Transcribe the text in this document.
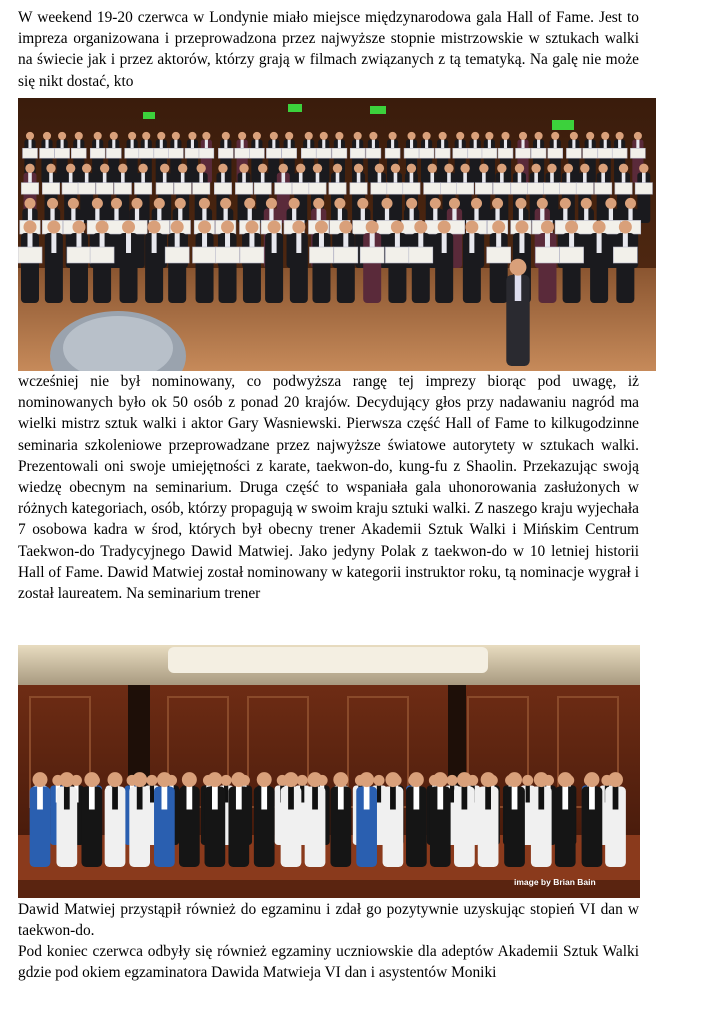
W weekend 19-20 czerwca w Londynie miało miejsce międzynarodowa gala Hall of Fame. Jest to impreza organizowana i przeprowadzona przez najwyższe stopnie mistrzowskie w sztukach walki na świecie jak i przez aktorów, którzy grają w filmach związanych z tą tematyką. Na galę nie może się nikt dostać, kto

wcześniej nie był nominowany, co podwyższa rangę tej imprezy biorąc pod uwagę, iż nominowanych było ok 50 osób z ponad 20 krajów. Decydujący głos przy nadawaniu nagród ma wielki mistrz sztuk walki i aktor Gary Wasniewski. Pierwsza część Hall of Fame to kilkugodzinne seminaria szkoleniowe przeprowadzane przez najwyższe światowe autorytety w sztukach walki. Prezentowali oni swoje umiejętności z karate, taekwon-do, kung-fu z Shaolin. Przekazując swoją wiedzę obecnym na seminarium. Druga część to wspaniała gala uhonorowania zasłużonych w różnych kategoriach, osób, którzy propagują w swoim kraju sztuki walki. Z naszego kraju wyjechała 7 osobowa kadra w środ, których był obecny trener Akademii Sztuk Walki i Mińskim Centrum Taekwon-do Tradycyjnego Dawid Matwiej. Jako jedyny Polak z taekwon-do w 10 letniej historii Hall of Fame. Dawid Matwiej został nominowany w kategorii instruktor roku, tą nominacje wygrał i został laureatem. Na seminarium trener

image by Brian Bain

Dawid Matwiej przystąpił również do egzaminu i zdał go pozytywnie uzyskując stopień VI dan w taekwon-do.

Pod koniec czerwca odbyły się również egzaminy uczniowskie dla adeptów Akademii Sztuk Walki gdzie pod okiem egzaminatora Dawida Matwieja VI dan i asystentów Moniki
